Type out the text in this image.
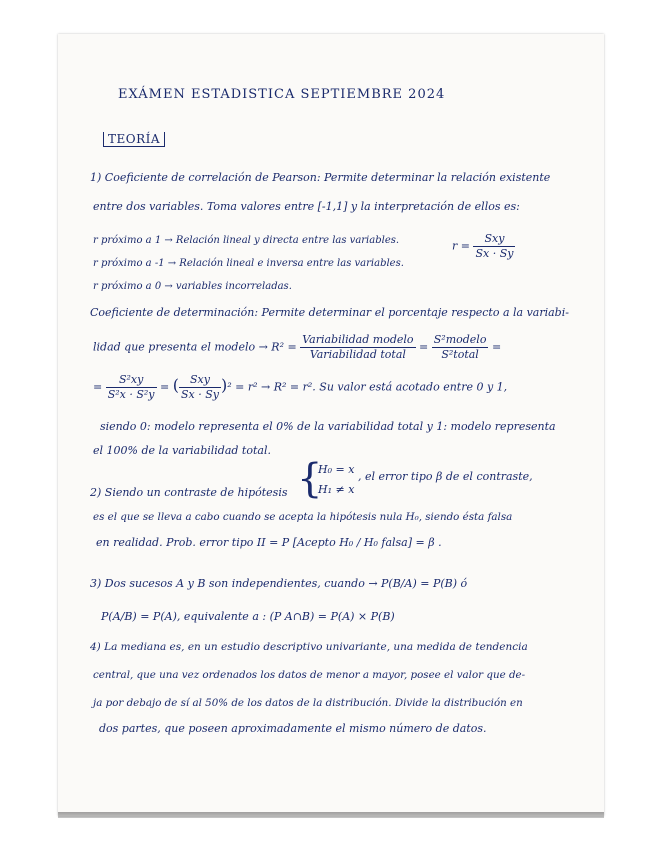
EXÁMEN ESTADISTICA SEPTIEMBRE 2024
TEORÍA
1) Coeficiente de correlación de Pearson: Permite determinar la relación existente
entre dos variables. Toma valores entre [-1,1] y la interpretación de ellos es:
r próximo a 1 → Relación lineal y directa entre las variables.
r próximo a -1 → Relación lineal e inversa entre las variables.
r próximo a 0 → variables incorreladas.
$r = \frac{\text{Sxy}}{Sx \cdot Sy}$
Coeficiente de determinación: Permite determinar el porcentaje respecto a la variabi-
lidad que presenta el modelo → $R^2 = \frac{\text{Variabilidad modelo}}{\text{Variabilidad total}} = \frac{\text{S²modelo}}{\text{S²total}}$ =
= $\frac{\text{S²xy}}{\text{S²x · S²y}}$ = ( $\frac{\text{Sxy}}{Sx \cdot Sy} )^2 = r^2 \to R^2 = r^2$. Su valor está acotado entre 0 y 1,
siendo 0: modelo representa el 0% de la variabilidad total y 1: modelo representa
el 100% de la variabilidad total.
2) Siendo un contraste de hipótesis {
H₀ = x
H₁ ≠ x
, el error tipo β de el contraste,
es el que se lleva a cabo cuando se acepta la hipótesis nula H₀, siendo ésta falsa
en realidad. Prob. error tipo II = P [Acepto H₀ / H₀ falsa] = β .
3) Dos sucesos A y B son independientes, cuando → P(B/A) = P(B) ó
P(A/B) = P(A), equivalente a : (P A∩B) = P(A) × P(B)
4) La mediana es, en un estudio descriptivo univariante, una medida de tendencia
central, que una vez ordenados los datos de menor a mayor, posee el valor que de-
ja por debajo de sí al 50% de los datos de la distribución. Divide la distribución en
dos partes, que poseen aproximadamente el mismo número de datos.
